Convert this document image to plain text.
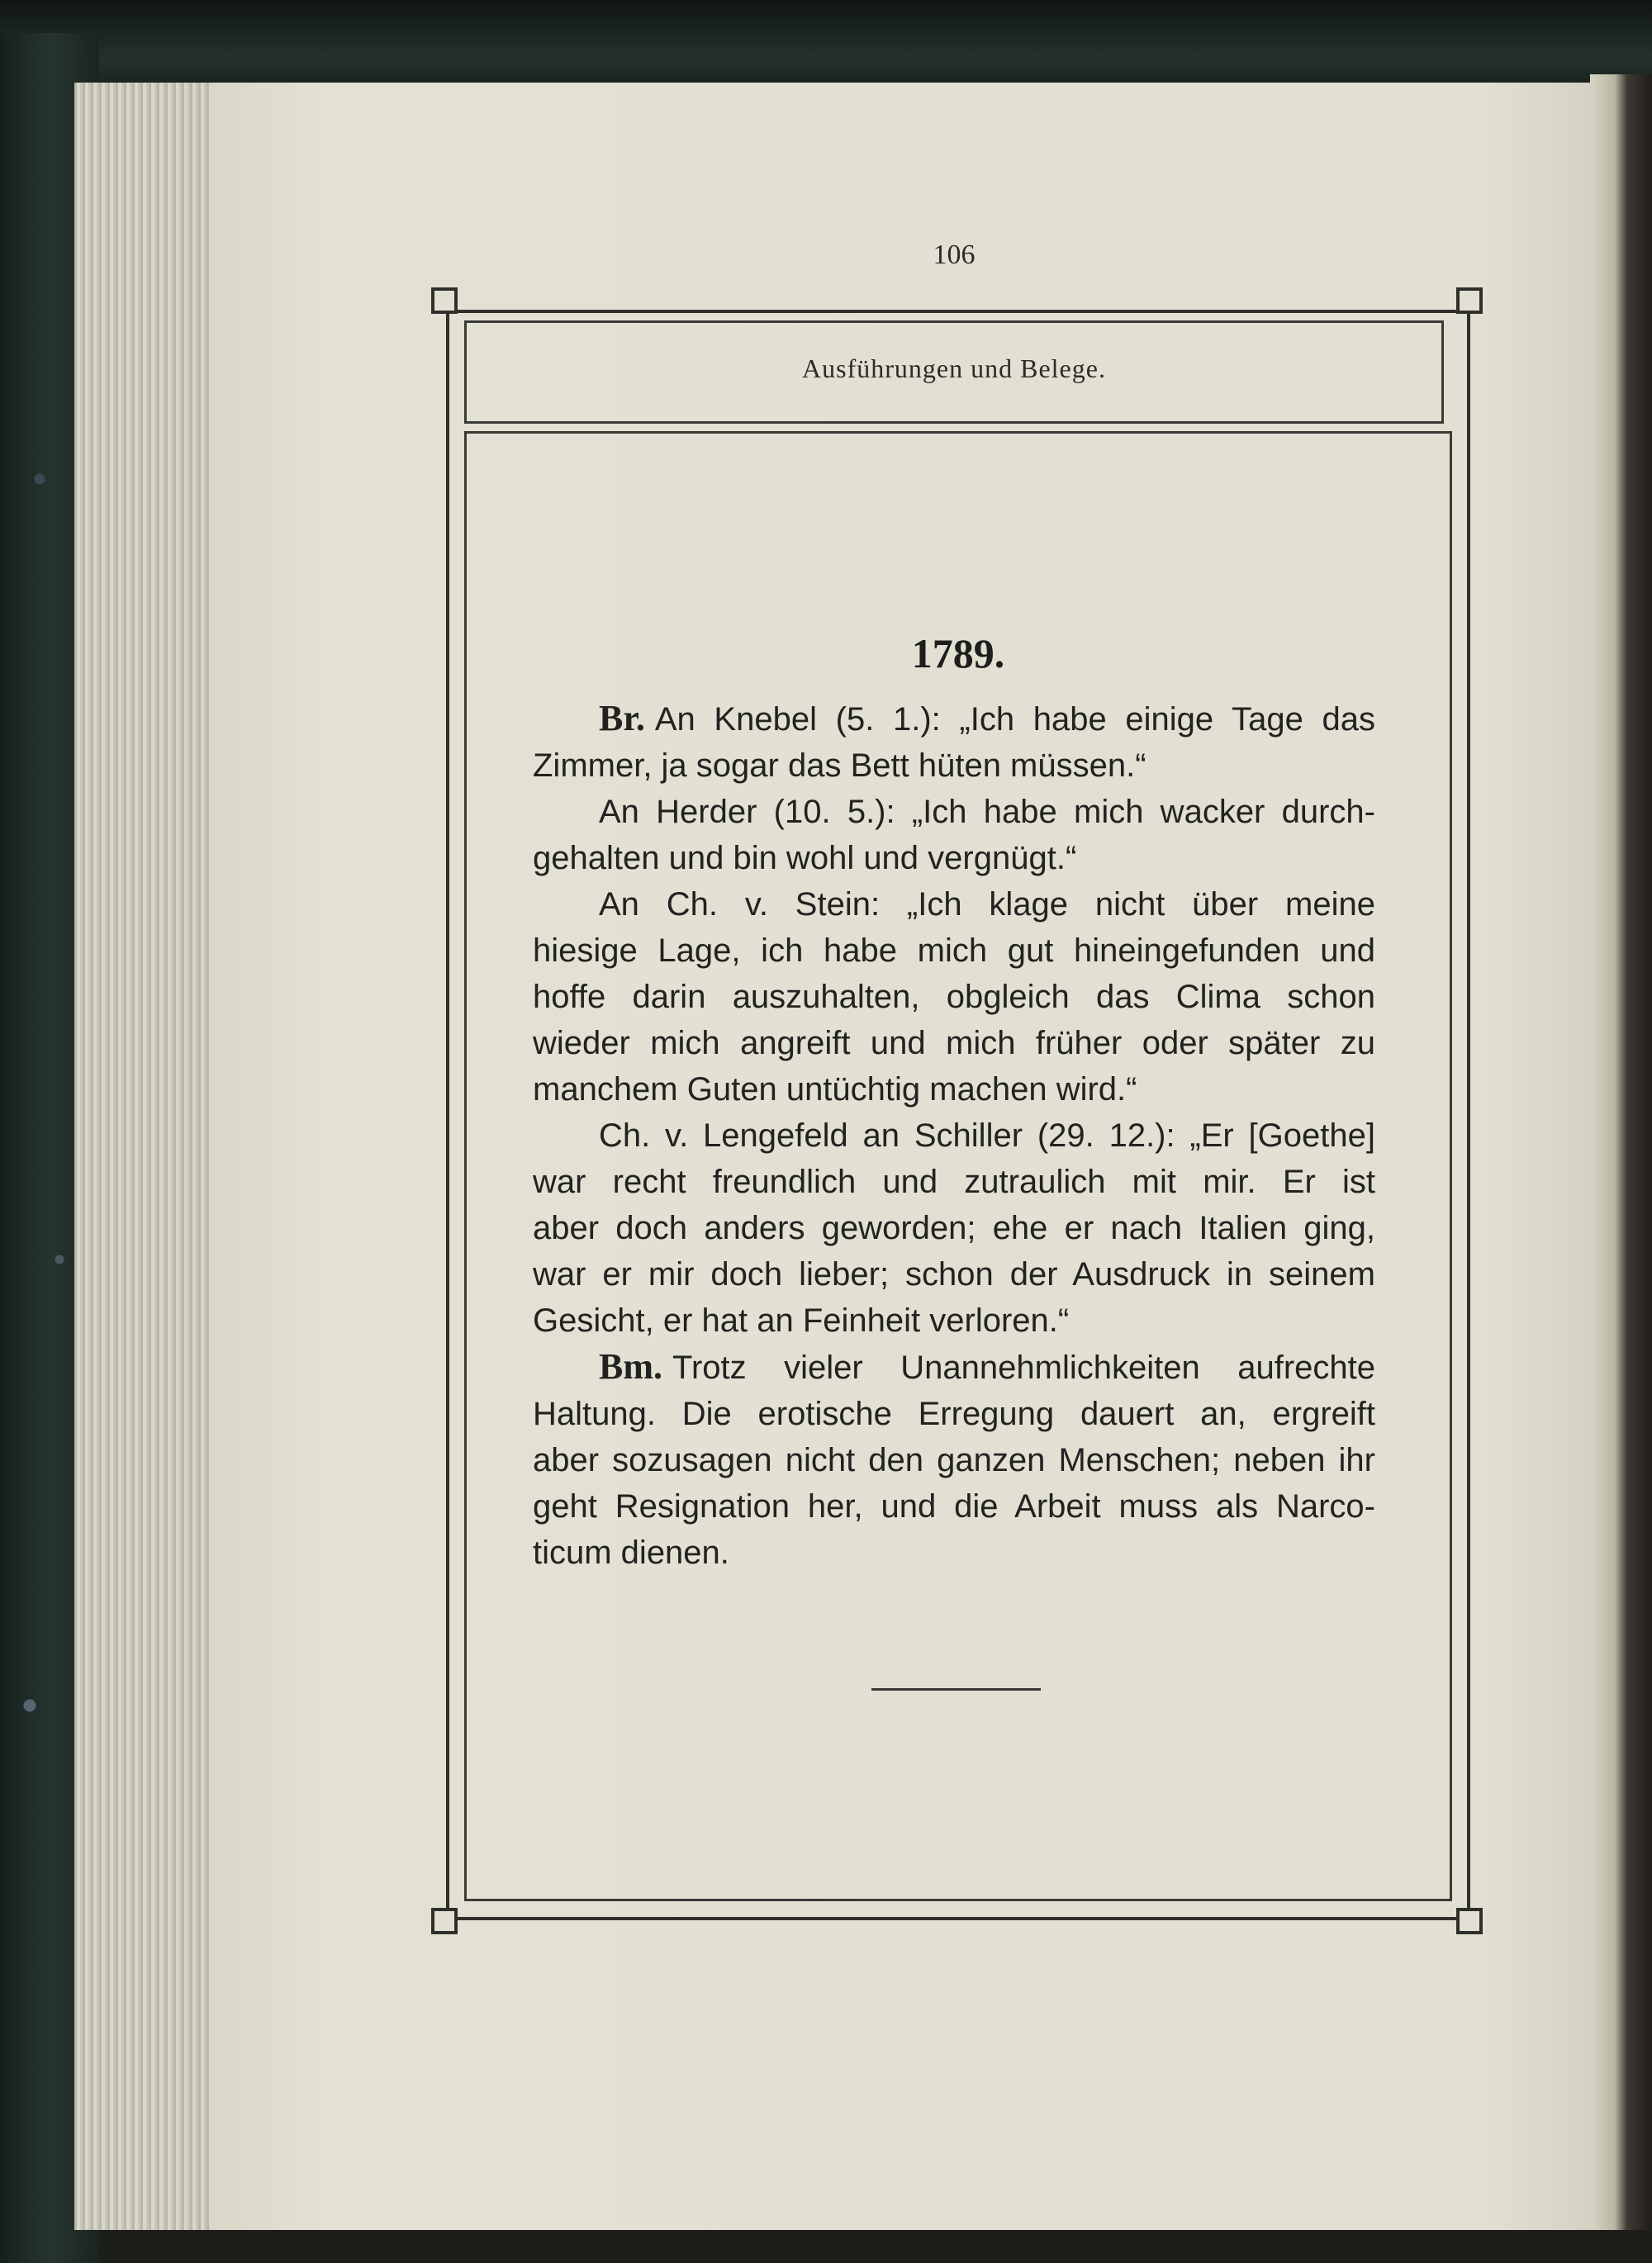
106
Ausführungen und Belege.
1789.
Br. An Knebel (5. 1.): „Ich habe einige Tage das
Zimmer, ja sogar das Bett hüten müssen.“
An Herder (10. 5.): „Ich habe mich wacker durch-
gehalten und bin wohl und vergnügt.“
An Ch. v. Stein: „Ich klage nicht über meine
hiesige Lage, ich habe mich gut hineingefunden und
hoffe darin auszuhalten, obgleich das Clima schon
wieder mich angreift und mich früher oder später zu
manchem Guten untüchtig machen wird.“
Ch. v. Lengefeld an Schiller (29. 12.): „Er [Goethe]
war recht freundlich und zutraulich mit mir. Er ist
aber doch anders geworden; ehe er nach Italien ging,
war er mir doch lieber; schon der Ausdruck in seinem
Gesicht, er hat an Feinheit verloren.“
Bm. Trotz vieler Unannehmlichkeiten aufrechte
Haltung. Die erotische Erregung dauert an, ergreift
aber sozusagen nicht den ganzen Menschen; neben ihr
geht Resignation her, und die Arbeit muss als Narco-
ticum dienen.
